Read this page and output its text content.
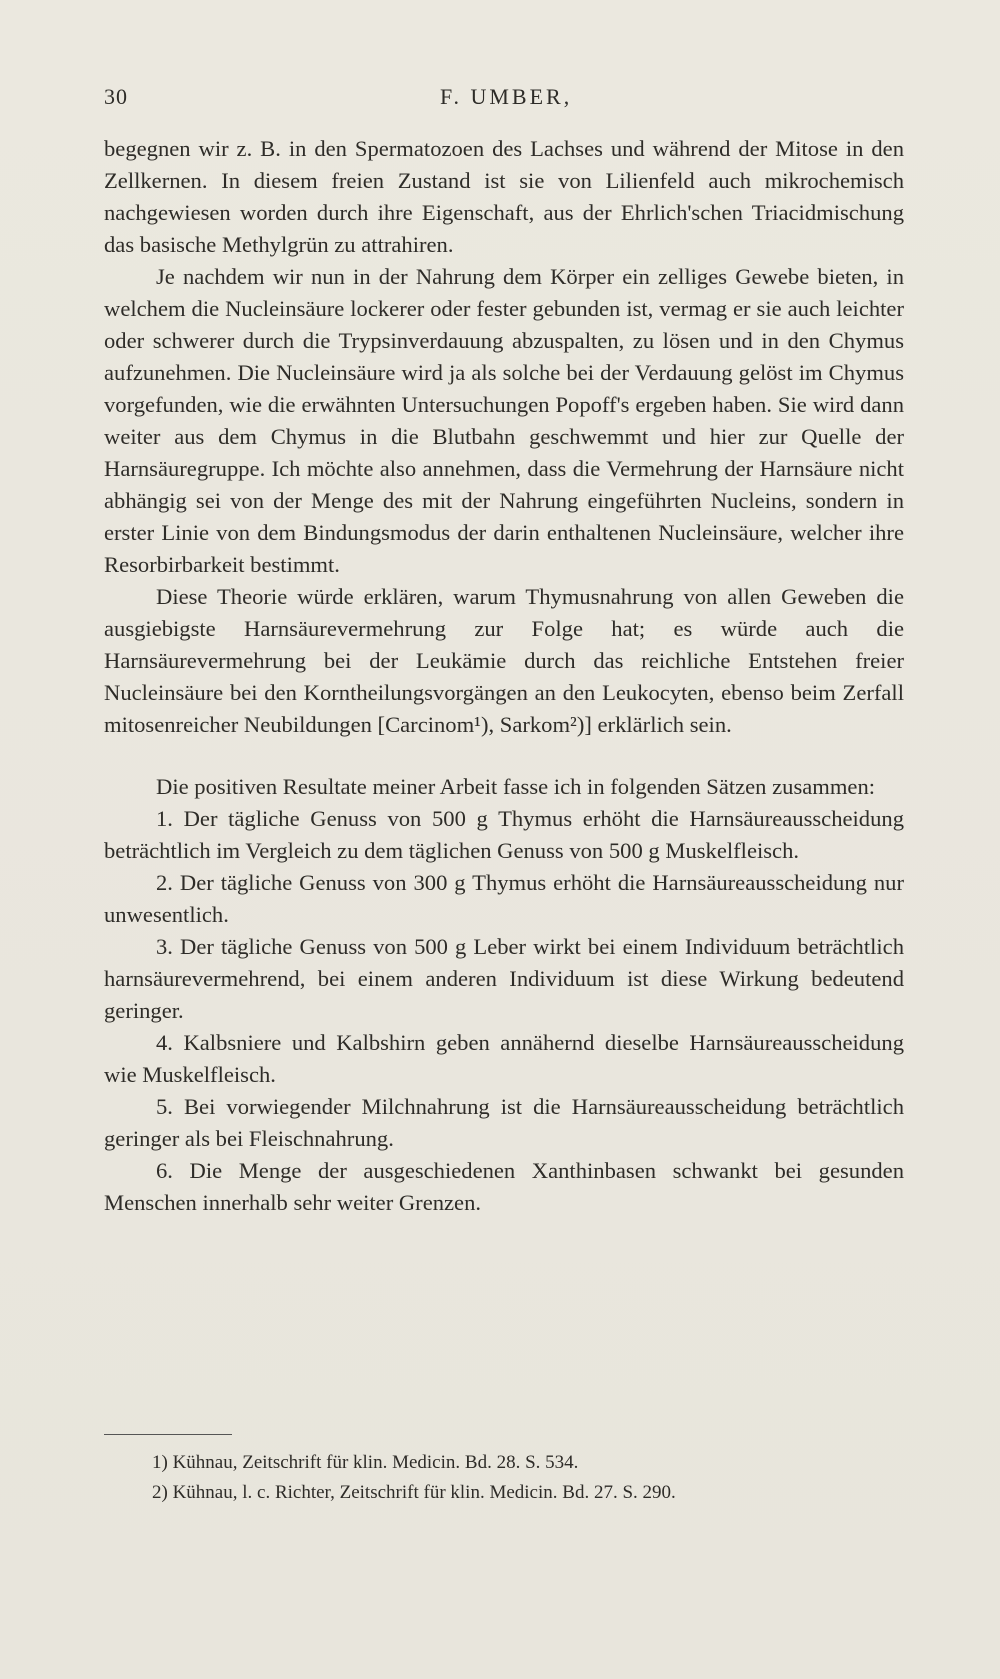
30	F. UMBER,

begegnen wir z. B. in den Spermatozoen des Lachses und während der Mitose in den Zellkernen. In diesem freien Zustand ist sie von Lilienfeld auch mikrochemisch nachgewiesen worden durch ihre Eigenschaft, aus der Ehrlich'schen Triacidmischung das basische Methylgrün zu attrahiren.

Je nachdem wir nun in der Nahrung dem Körper ein zelliges Gewebe bieten, in welchem die Nucleinsäure lockerer oder fester gebunden ist, vermag er sie auch leichter oder schwerer durch die Trypsinverdauung abzuspalten, zu lösen und in den Chymus aufzunehmen. Die Nucleinsäure wird ja als solche bei der Verdauung gelöst im Chymus vorgefunden, wie die erwähnten Untersuchungen Popoff's ergeben haben. Sie wird dann weiter aus dem Chymus in die Blutbahn geschwemmt und hier zur Quelle der Harnsäuregruppe. Ich möchte also annehmen, dass die Vermehrung der Harnsäure nicht abhängig sei von der Menge des mit der Nahrung eingeführten Nucleins, sondern in erster Linie von dem Bindungsmodus der darin enthaltenen Nucleinsäure, welcher ihre Resorbirbarkeit bestimmt.

Diese Theorie würde erklären, warum Thymusnahrung von allen Geweben die ausgiebigste Harnsäurevermehrung zur Folge hat; es würde auch die Harnsäurevermehrung bei der Leukämie durch das reichliche Entstehen freier Nucleinsäure bei den Korntheilungsvorgängen an den Leukocyten, ebenso beim Zerfall mitosenreicher Neubildungen [Carcinom¹), Sarkom²)] erklärlich sein.

Die positiven Resultate meiner Arbeit fasse ich in folgenden Sätzen zusammen:

1. Der tägliche Genuss von 500 g Thymus erhöht die Harnsäureausscheidung beträchtlich im Vergleich zu dem täglichen Genuss von 500 g Muskelfleisch.

2. Der tägliche Genuss von 300 g Thymus erhöht die Harnsäureausscheidung nur unwesentlich.

3. Der tägliche Genuss von 500 g Leber wirkt bei einem Individuum beträchtlich harnsäurevermehrend, bei einem anderen Individuum ist diese Wirkung bedeutend geringer.

4. Kalbsniere und Kalbshirn geben annähernd dieselbe Harnsäureausscheidung wie Muskelfleisch.

5. Bei vorwiegender Milchnahrung ist die Harnsäureausscheidung beträchtlich geringer als bei Fleischnahrung.

6. Die Menge der ausgeschiedenen Xanthinbasen schwankt bei gesunden Menschen innerhalb sehr weiter Grenzen.

1) Kühnau, Zeitschrift für klin. Medicin. Bd. 28. S. 534.
2) Kühnau, l. c. Richter, Zeitschrift für klin. Medicin. Bd. 27. S. 290.
